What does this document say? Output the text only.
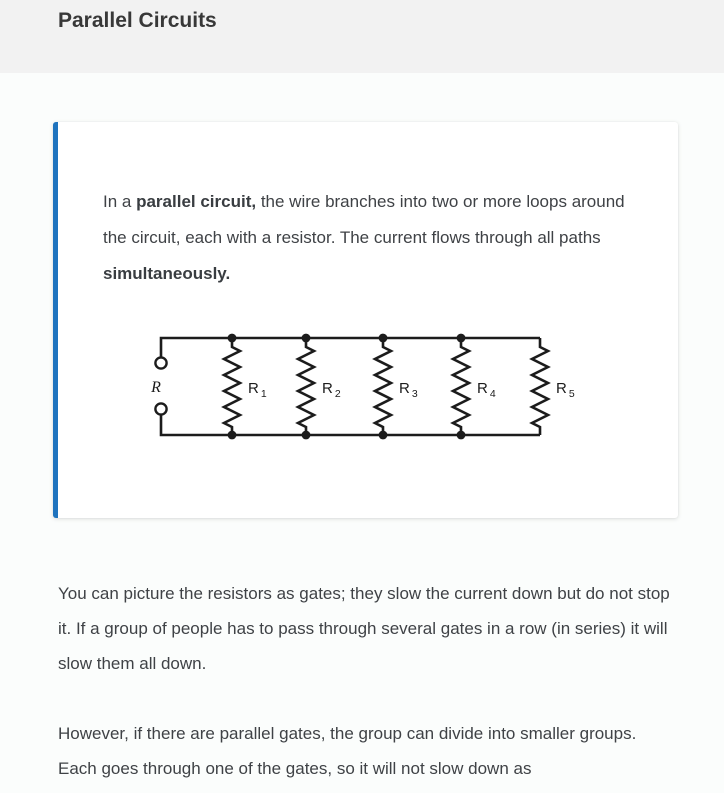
Parallel Circuits

In a parallel circuit, the wire branches into two or more loops around the circuit, each with a resistor. The current flows through all paths simultaneously.

R	R $_1$	R $_2$	R $_3$	R $_4$	R $_5$

You can picture the resistors as gates; they slow the current down but do not stop it. If a group of people has to pass through several gates in a row (in series) it will slow them all down.

However, if there are parallel gates, the group can divide into smaller groups. Each goes through one of the gates, so it will not slow down as
